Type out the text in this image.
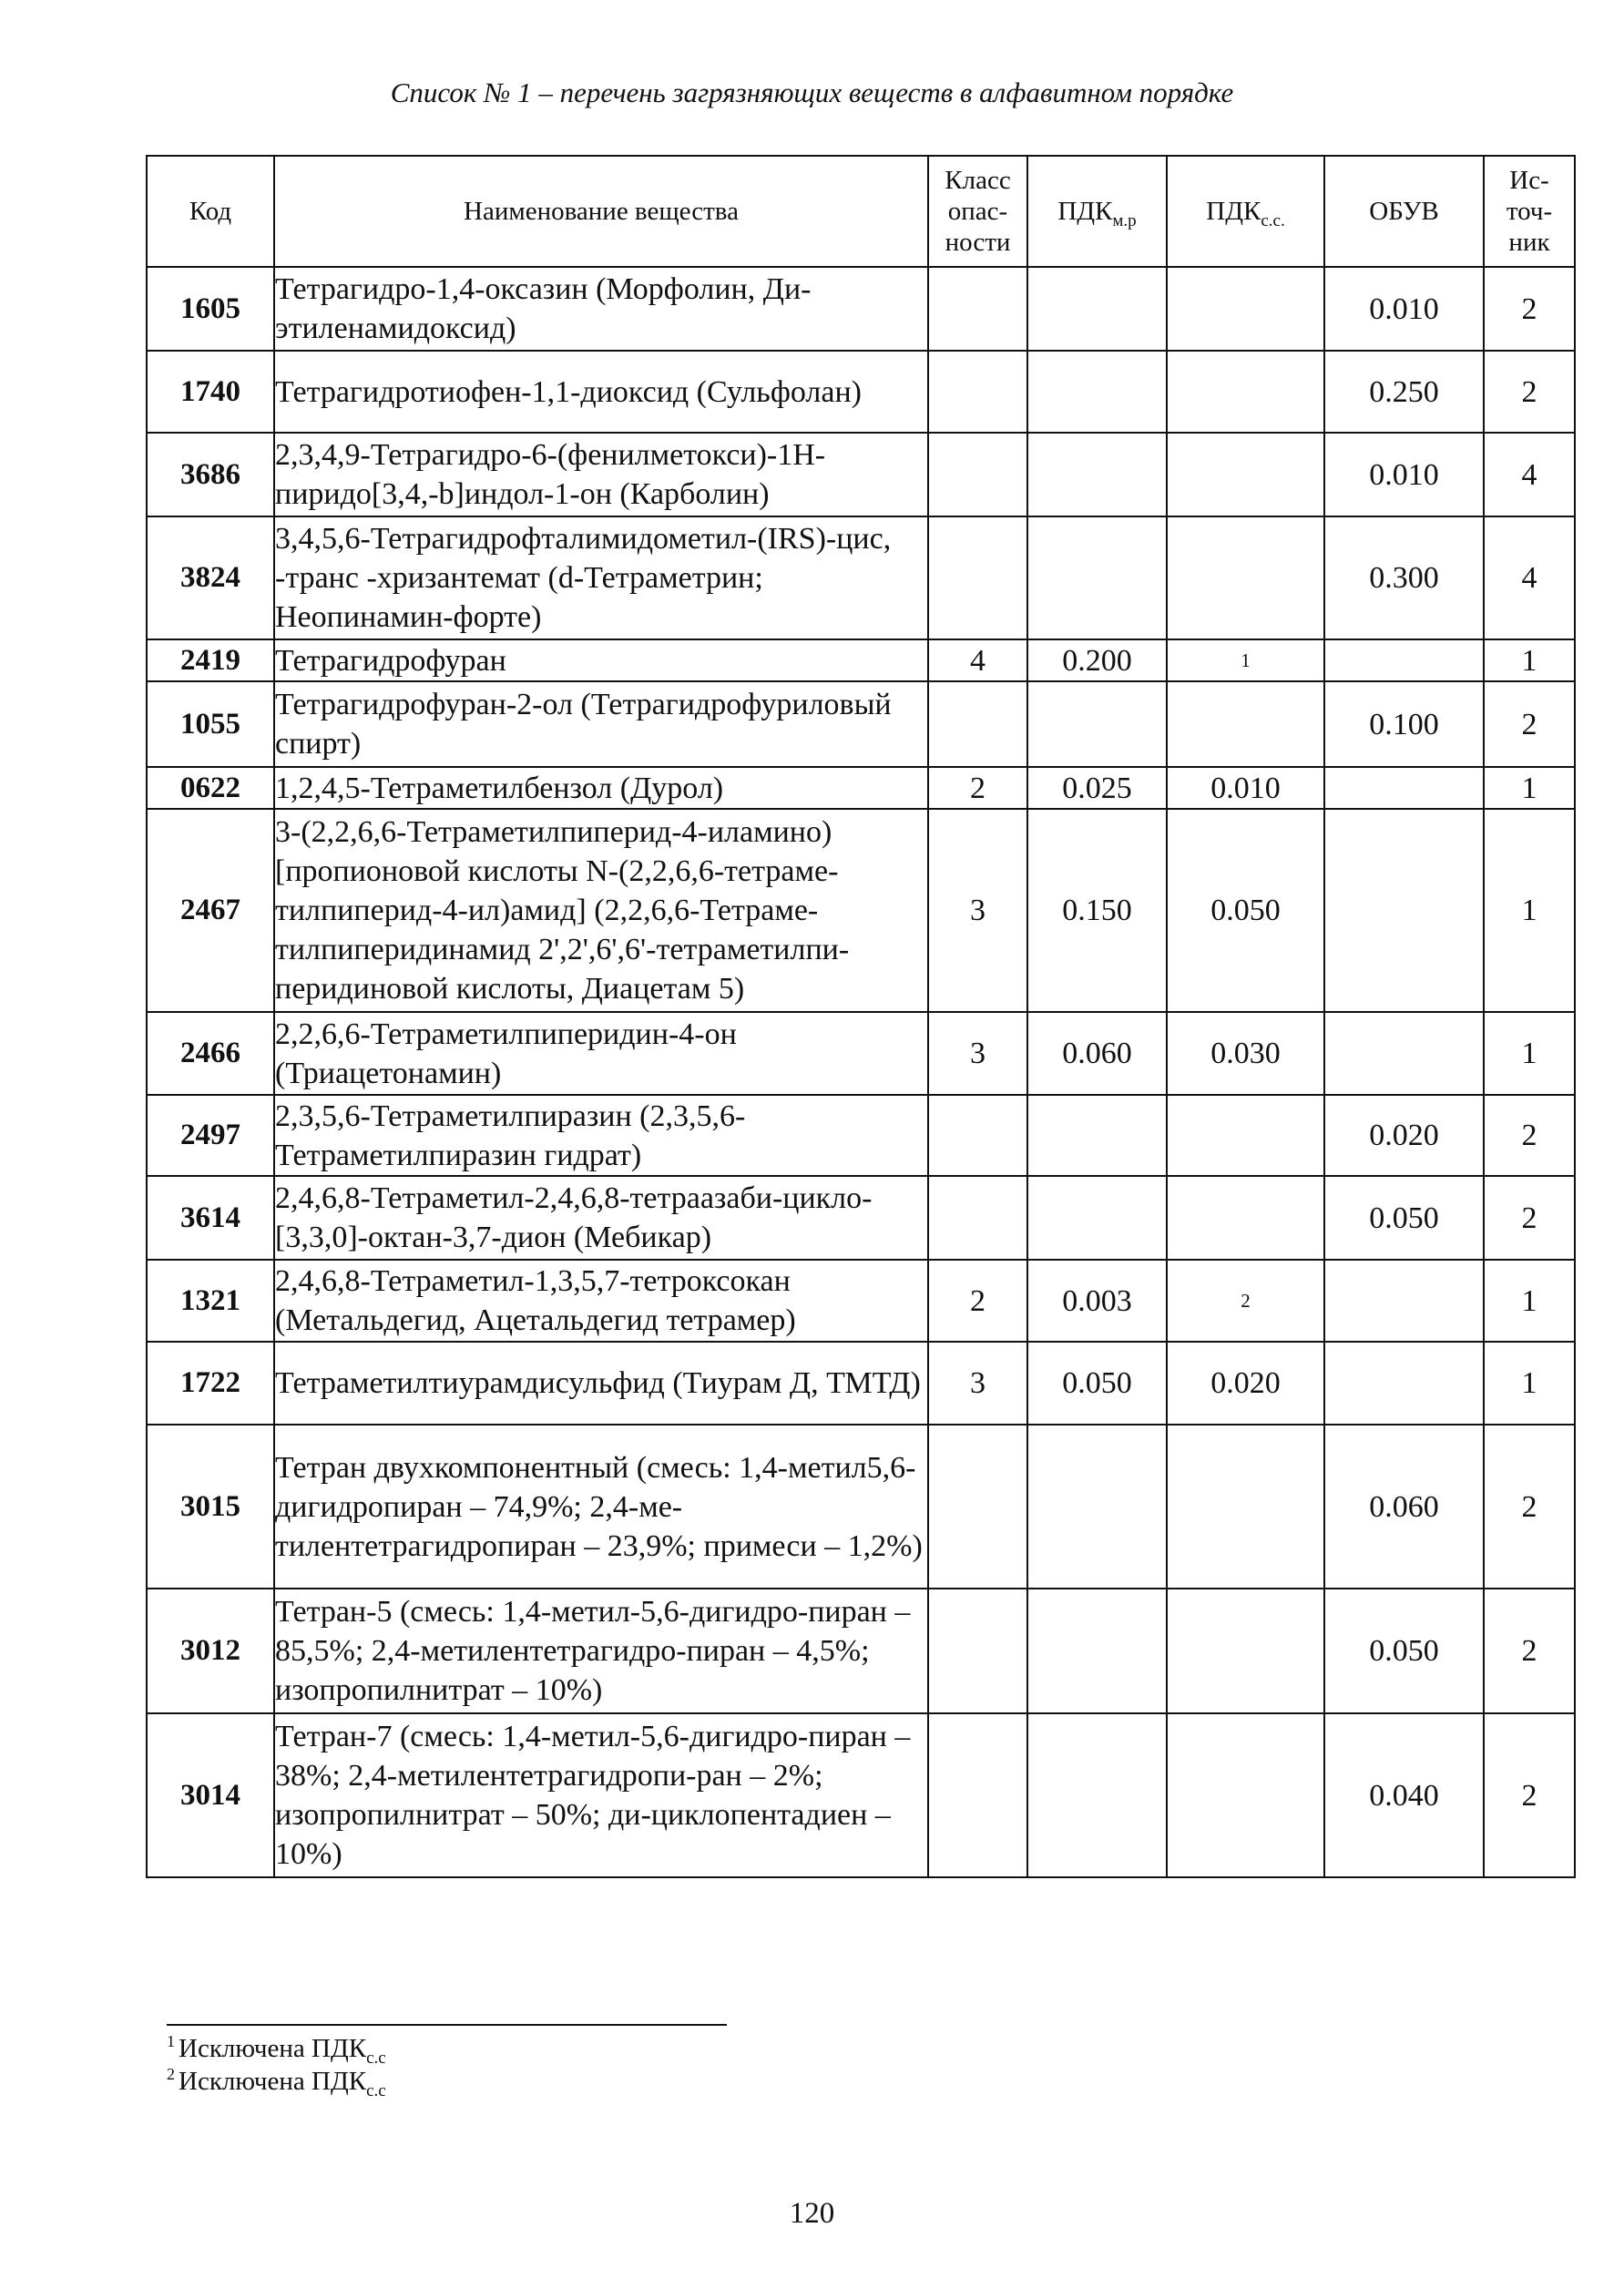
Список № 1 – перечень загрязняющих веществ в алфавитном порядке
Код	Наименование вещества	Класс опас- ности	$ПДК_{м.р}$	$ПДК_{с.с.}$	ОБУВ	Ис- точ- ник
1605	Тетрагидро-1,4-оксазин (Морфолин, Ди-этиленамидоксид)				0.010	2
1740	Тетрагидротиофен-1,1-диоксид (Сульфолан)				0.250	2
3686	2,3,4,9-Тетрагидро-6-(фенилметокси)-1H-пиридо[3,4,-b]индол-1-он (Карболин)				0.010	4
3824	3,4,5,6-Тетрагидрофталимидометил-(IRS)-цис, -транс -хризантемат (d-Тетраметрин; Неопинамин-форте)				0.300	4
2419	Тетрагидрофуран	4	0.200	1		1
1055	Тетрагидрофуран-2-ол (Тетрагидрофуриловый спирт)				0.100	2
0622	1,2,4,5-Тетраметилбензол (Дурол)	2	0.025	0.010		1
2467	3-(2,2,6,6-Тетраметилпиперид-4-иламино) [пропионовой кислоты N-(2,2,6,6-тетраме-тилпиперид-4-ил)амид] (2,2,6,6-Тетраме-тилпиперидинамид 2',2',6',6'-тетраметилпи-перидиновой кислоты, Диацетам 5)	3	0.150	0.050		1
2466	2,2,6,6-Тетраметилпиперидин-4-он (Триацетонамин)	3	0.060	0.030		1
2497	2,3,5,6-Тетраметилпиразин (2,3,5,6-Тетраметилпиразин гидрат)				0.020	2
3614	2,4,6,8-Тетраметил-2,4,6,8-тетраазаби-цикло-[3,3,0]-октан-3,7-дион (Мебикар)				0.050	2
1321	2,4,6,8-Тетраметил-1,3,5,7-тетроксокан (Метальдегид, Ацетальдегид тетрамер)	2	0.003	2		1
1722	Тетраметилтиурамдисульфид (Тиурам Д, ТМТД)	3	0.050	0.020		1
3015	Тетран двухкомпонентный (смесь: 1,4-метил5,6-дигидропиран – 74,9%; 2,4-ме-тилентетрагидропиран – 23,9%; примеси – 1,2%)				0.060	2
3012	Тетран-5 (смесь: 1,4-метил-5,6-дигидро-пиран – 85,5%; 2,4-метилентетрагидро-пиран – 4,5%; изопропилнитрат – 10%)				0.050	2
3014	Тетран-7 (смесь: 1,4-метил-5,6-дигидро-пиран – 38%; 2,4-метилентетрагидропи-ран – 2%; изопропилнитрат – 50%; ди-циклопентадиен – 10%)				0.040	2
$^1$ Исключена $ПДК_{с.с}$
$^2$ Исключена $ПДК_{с.с}$
120
